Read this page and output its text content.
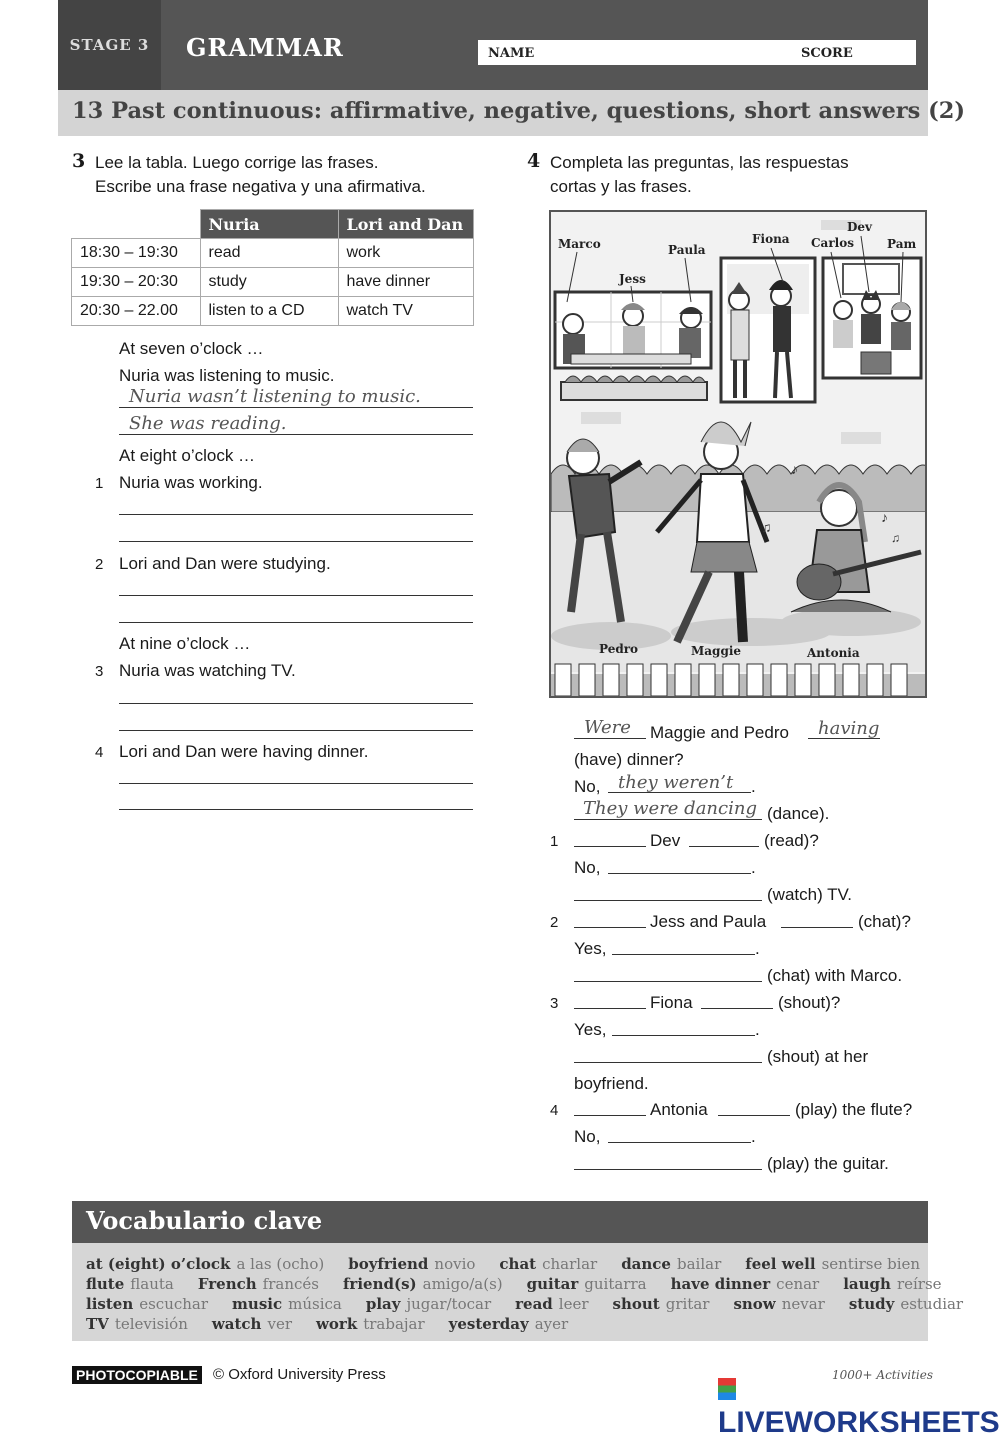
STAGE 3	GRAMMAR	NAME	SCORE
13 Past continuous: affirmative, negative, questions, short answers (2)
3 Lee la tabla. Luego corrige las frases.
Escribe una frase negativa y una afirmativa.
	Nuria	Lori and Dan
18:30 – 19:30	read	work
19:30 – 20:30	study	have dinner
20:30 – 22.00	listen to a CD	watch TV
At seven o’clock …
Nuria was listening to music.
Nuria wasn’t listening to music.
She was reading.
At eight o’clock …
1 Nuria was working.
2 Lori and Dan were studying.
At nine o’clock …
3 Nuria was watching TV.
4 Lori and Dan were having dinner.
4 Completa las preguntas, las respuestas
cortas y las frases.
♪
♫
♪
♫
Marco	Paula
Jess
Fiona
Dev
Carlos	Pam
Pedro	Maggie	Antonia
Were Maggie and Pedro having
(have) dinner?
No, they weren’t .
They were dancing (dance).
1	Dev	(read)?
No,	.
(watch) TV.
2	Jess and Paula	(chat)?
Yes,	.
(chat) with Marco.
3	Fiona	(shout)?
Yes,	.
(shout) at her
boyfriend.
4	Antonia	(play) the flute?
No,	.
(play) the guitar.
Vocabulario clave
at (eight) o’clock a las (ocho) boyfriend novio chat charlar dance bailar feel well sentirse bien
flute flauta French francés friend(s) amigo/a(s) guitar guitarra have dinner cenar laugh reírse
listen escuchar music música play jugar/tocar read leer shout gritar snow nevar study estudiar
TV televisión watch ver work trabajar yesterday ayer
PHOTOCOPIABLE © Oxford University Press	1000+ Activities
LIVEWORKSHEETS
